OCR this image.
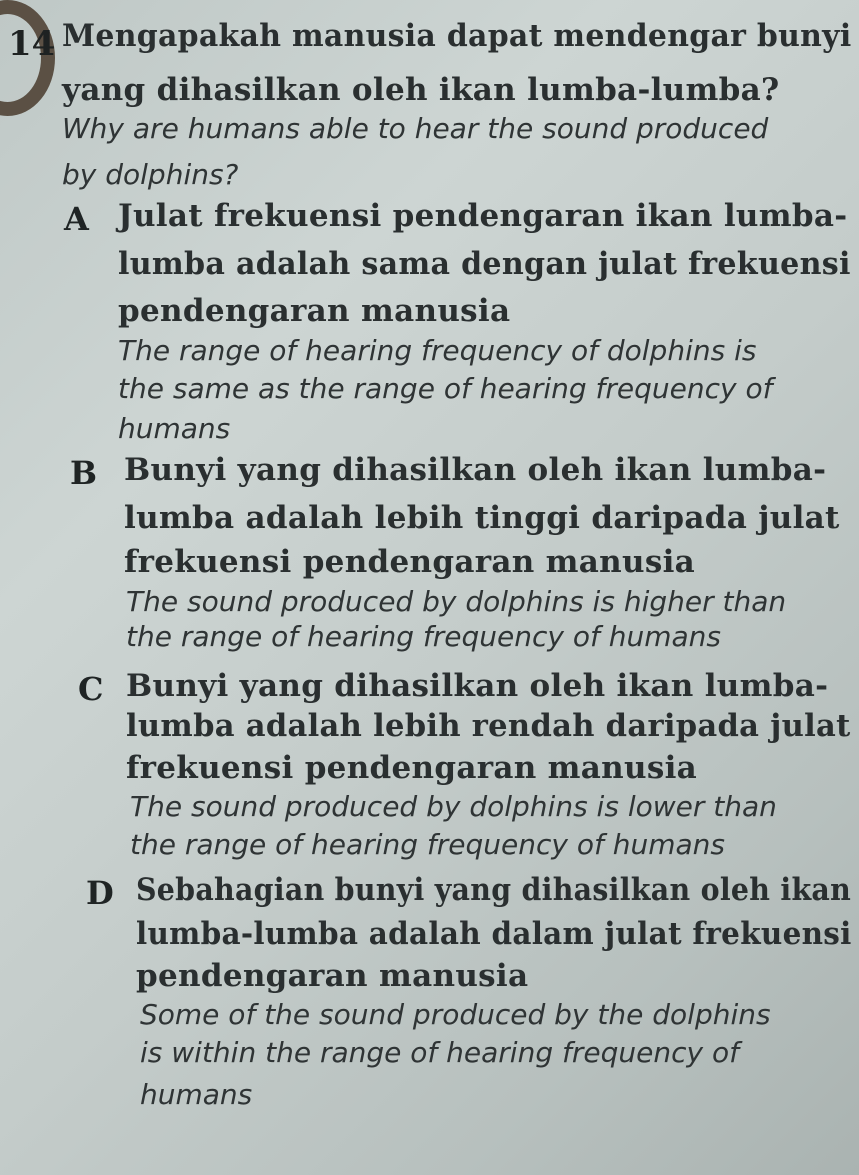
14 Mengapakah manusia dapat mendengar bunyi
yang dihasilkan oleh ikan lumba-lumba?
Why are humans able to hear the sound produced
by dolphins?
A Julat frekuensi pendengaran ikan lumba-
lumba adalah sama dengan julat frekuensi
pendengaran manusia
The range of hearing frequency of dolphins is
the same as the range of hearing frequency of
humans
B Bunyi yang dihasilkan oleh ikan lumba-
lumba adalah lebih tinggi daripada julat
frekuensi pendengaran manusia
The sound produced by dolphins is higher than
the range of hearing frequency of humans
C Bunyi yang dihasilkan oleh ikan lumba-
lumba adalah lebih rendah daripada julat
frekuensi pendengaran manusia
The sound produced by dolphins is lower than
the range of hearing frequency of humans
D Sebahagian bunyi yang dihasilkan oleh ikan
lumba-lumba adalah dalam julat frekuensi
pendengaran manusia
Some of the sound produced by the dolphins
is within the range of hearing frequency of
humans
